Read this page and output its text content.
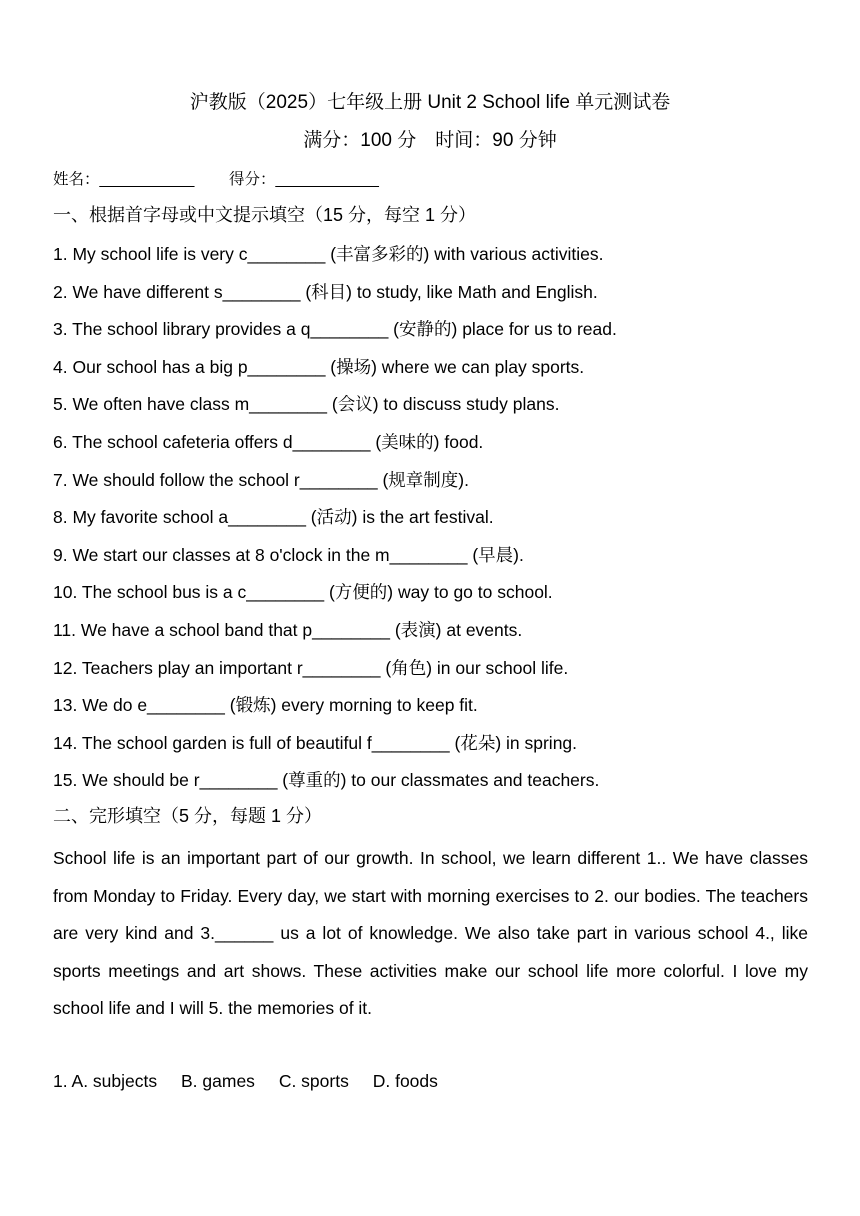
沪教版（2025）七年级上册 Unit 2 School life 单元测试卷
满分：100 分　时间：90 分钟
姓名：___________ 得分：____________
一、根据首字母或中文提示填空（15 分，每空 1 分）
1. My school life is very c________ (丰富多彩的) with various activities.
2. We have different s________ (科目) to study, like Math and English.
3. The school library provides a q________ (安静的) place for us to read.
4. Our school has a big p________ (操场) where we can play sports.
5. We often have class m________ (会议) to discuss study plans.
6. The school cafeteria offers d________ (美味的) food.
7. We should follow the school r________ (规章制度).
8. My favorite school a________ (活动) is the art festival.
9. We start our classes at 8 o'clock in the m________ (早晨).
10. The school bus is a c________ (方便的) way to go to school.
11. We have a school band that p________ (表演) at events.
12. Teachers play an important r________ (角色) in our school life.
13. We do e________ (锻炼) every morning to keep fit.
14. The school garden is full of beautiful f________ (花朵) in spring.
15. We should be r________ (尊重的) to our classmates and teachers.
二、完形填空（5 分，每题 1 分）
School life is an important part of our growth. In school, we learn different 1.. We have classes from Monday to Friday. Every day, we start with morning exercises to 2. our bodies. The teachers are very kind and 3.______ us a lot of knowledge. We also take part in various school 4., like sports meetings and art shows. These activities make our school life more colorful. I love my school life and I will 5. the memories of it.
1. A. subjects B. games C. sports D. foods
